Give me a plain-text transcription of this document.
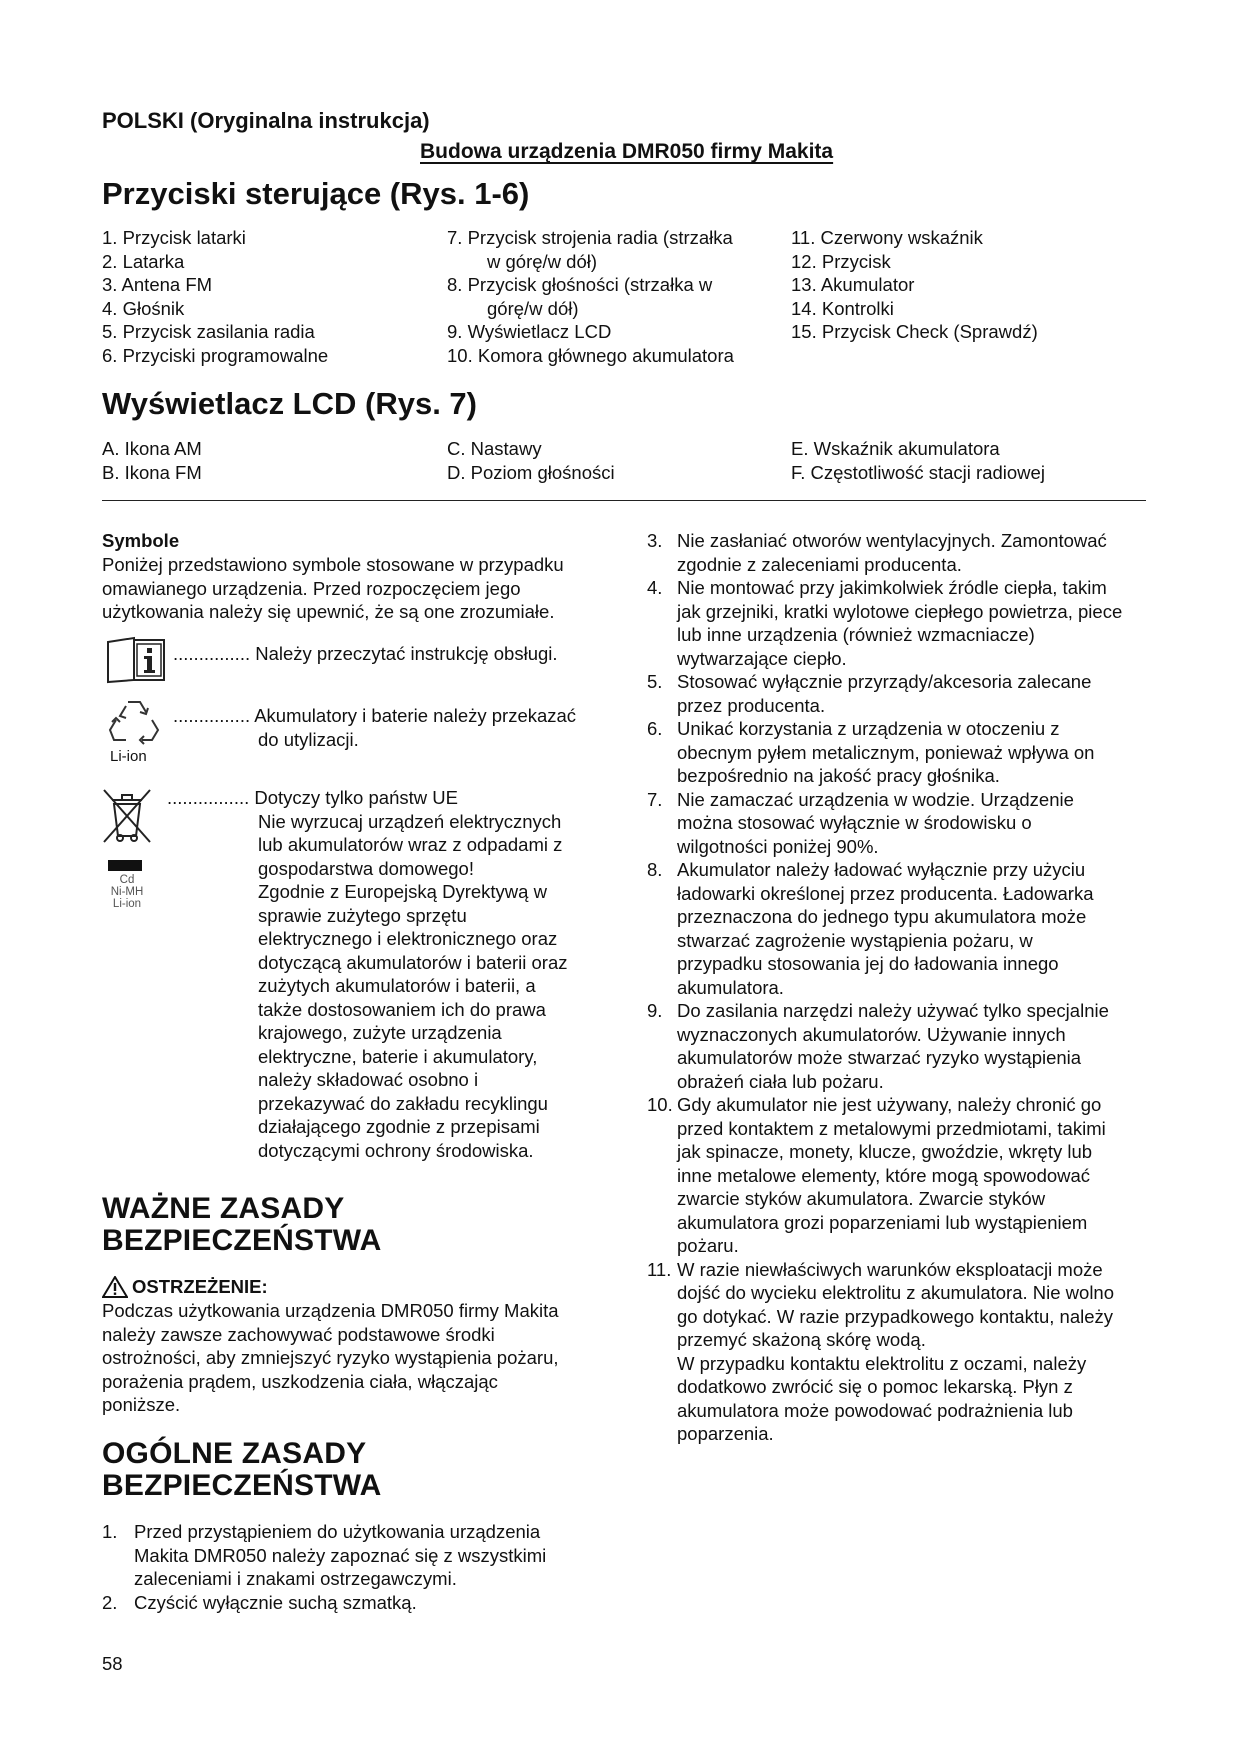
POLSKI (Oryginalna instrukcja)
Budowa urządzenia DMR050 firmy Makita
Przyciski sterujące (Rys. 1-6)
1. Przycisk latarki
2. Latarka
3. Antena FM
4. Głośnik
5. Przycisk zasilania radia
6. Przyciski programowalne
7. Przycisk strojenia radia (strzałka
w górę/w dół)
8. Przycisk głośności (strzałka w
górę/w dół)
9. Wyświetlacz LCD
10. Komora głównego akumulatora
11. Czerwony wskaźnik
12. Przycisk
13. Akumulator
14. Kontrolki
15. Przycisk Check (Sprawdź)
Wyświetlacz LCD (Rys. 7)
A. Ikona AM
B. Ikona FM
C. Nastawy
D. Poziom głośności
E. Wskaźnik akumulatora
F. Częstotliwość stacji radiowej
Symbole
Poniżej przedstawiono symbole stosowane w przypadku
omawianego urządzenia. Przed rozpoczęciem jego
użytkowania należy się upewnić, że są one zrozumiałe.
............... Należy przeczytać instrukcję obsługi.
Li-ion
............... Akumulatory i baterie należy przekazać
do utylizacji.
Cd
Ni-MH
Li-ion
................ Dotyczy tylko państw UE
Nie wyrzucaj urządzeń elektrycznych
lub akumulatorów wraz z odpadami z
gospodarstwa domowego!
Zgodnie z Europejską Dyrektywą w
sprawie zużytego sprzętu
elektrycznego i elektronicznego oraz
dotyczącą akumulatorów i baterii oraz
zużytych akumulatorów i baterii, a
także dostosowaniem ich do prawa
krajowego, zużyte urządzenia
elektryczne, baterie i akumulatory,
należy składować osobno i
przekazywać do zakładu recyklingu
działającego zgodnie z przepisami
dotyczącymi ochrony środowiska.
WAŻNE ZASADY
BEZPIECZEŃSTWA
OSTRZEŻENIE:
Podczas użytkowania urządzenia DMR050 firmy Makita
należy zawsze zachowywać podstawowe środki
ostrożności, aby zmniejszyć ryzyko wystąpienia pożaru,
porażenia prądem, uszkodzenia ciała, włączając
poniższe.
OGÓLNE ZASADY
BEZPIECZEŃSTWA
1. Przed przystąpieniem do użytkowania urządzenia
Makita DMR050 należy zapoznać się z wszystkimi
zaleceniami i znakami ostrzegawczymi.
2. Czyścić wyłącznie suchą szmatką.
3. Nie zasłaniać otworów wentylacyjnych. Zamontować
zgodnie z zaleceniami producenta.
4. Nie montować przy jakimkolwiek źródle ciepła, takim
jak grzejniki, kratki wylotowe ciepłego powietrza, piece
lub inne urządzenia (również wzmacniacze)
wytwarzające ciepło.
5. Stosować wyłącznie przyrządy/akcesoria zalecane
przez producenta.
6. Unikać korzystania z urządzenia w otoczeniu z
obecnym pyłem metalicznym, ponieważ wpływa on
bezpośrednio na jakość pracy głośnika.
7. Nie zamaczać urządzenia w wodzie. Urządzenie
można stosować wyłącznie w środowisku o
wilgotności poniżej 90%.
8. Akumulator należy ładować wyłącznie przy użyciu
ładowarki określonej przez producenta. Ładowarka
przeznaczona do jednego typu akumulatora może
stwarzać zagrożenie wystąpienia pożaru, w
przypadku stosowania jej do ładowania innego
akumulatora.
9. Do zasilania narzędzi należy używać tylko specjalnie
wyznaczonych akumulatorów. Używanie innych
akumulatorów może stwarzać ryzyko wystąpienia
obrażeń ciała lub pożaru.
10. Gdy akumulator nie jest używany, należy chronić go
przed kontaktem z metalowymi przedmiotami, takimi
jak spinacze, monety, klucze, gwoździe, wkręty lub
inne metalowe elementy, które mogą spowodować
zwarcie styków akumulatora. Zwarcie styków
akumulatora grozi poparzeniami lub wystąpieniem
pożaru.
11. W razie niewłaściwych warunków eksploatacji może
dojść do wycieku elektrolitu z akumulatora. Nie wolno
go dotykać. W razie przypadkowego kontaktu, należy
przemyć skażoną skórę wodą.
W przypadku kontaktu elektrolitu z oczami, należy
dodatkowo zwrócić się o pomoc lekarską. Płyn z
akumulatora może powodować podrażnienia lub
poparzenia.
58
